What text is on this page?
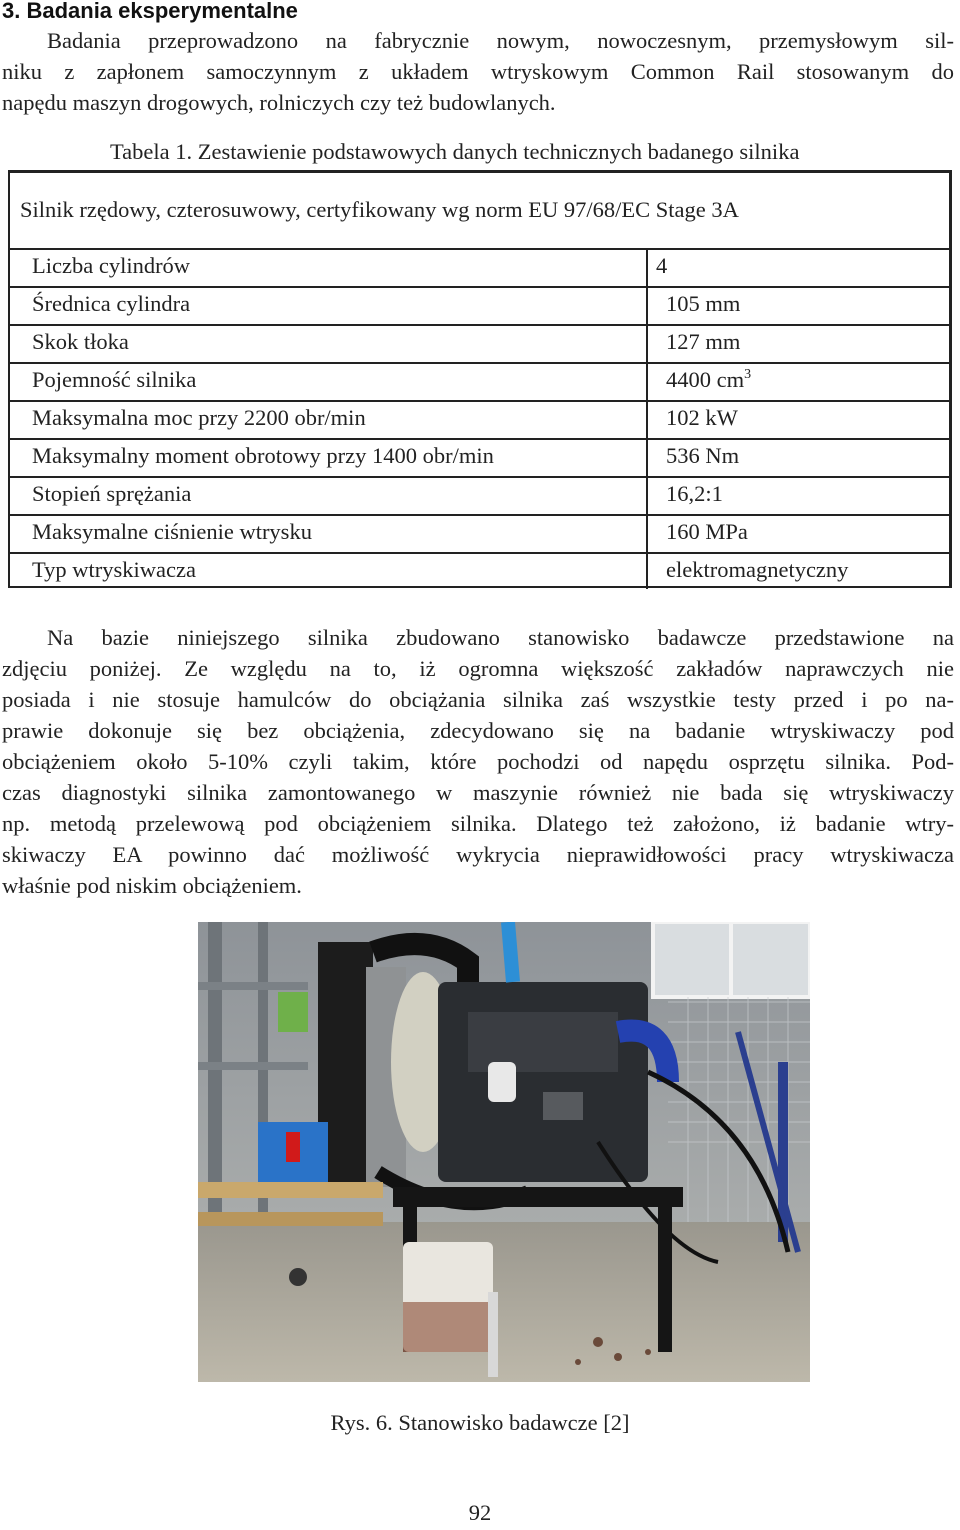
3. Badania eksperymentalne
  Badania przeprowadzono na fabrycznie nowym, nowoczesnym, przemysłowym sil-
niku z zapłonem samoczynnym z układem wtryskowym Common Rail stosowanym do
napędu maszyn drogowych, rolniczych czy też budowlanych.
Tabela 1. Zestawienie podstawowych danych technicznych badanego silnika
Silnik rzędowy, czterosuwowy, certyfikowany wg norm EU 97/68/EC Stage 3A
Liczba cylindrów	4
Średnica cylindra	105 mm
Skok tłoka	127 mm
Pojemność silnika	4400 $cm^3$
Maksymalna moc przy 2200 obr/min	102 kW
Maksymalny moment obrotowy przy 1400 obr/min	536 Nm
Stopień sprężania	16,2:1
Maksymalne ciśnienie wtrysku	160 MPa
Typ wtryskiwacza	elektromagnetyczny
  Na bazie niniejszego silnika zbudowano stanowisko badawcze przedstawione na
zdjęciu poniżej. Ze względu na to, iż ogromna większość zakładów naprawczych nie
posiada i nie stosuje hamulców do obciążania silnika zaś wszystkie testy przed i po na-
prawie dokonuje się bez obciążenia, zdecydowano się na badanie wtryskiwaczy pod
obciążeniem około 5-10% czyli takim, które pochodzi od napędu osprzętu silnika. Pod-
czas diagnostyki silnika zamontowanego w maszynie również nie bada się wtryskiwaczy
np. metodą przelewową pod obciążeniem silnika. Dlatego też założono, iż badanie wtry-
skiwaczy EA powinno dać możliwość wykrycia nieprawidłowości pracy wtryskiwacza
właśnie pod niskim obciążeniem.
Rys. 6. Stanowisko badawcze [2]
92
